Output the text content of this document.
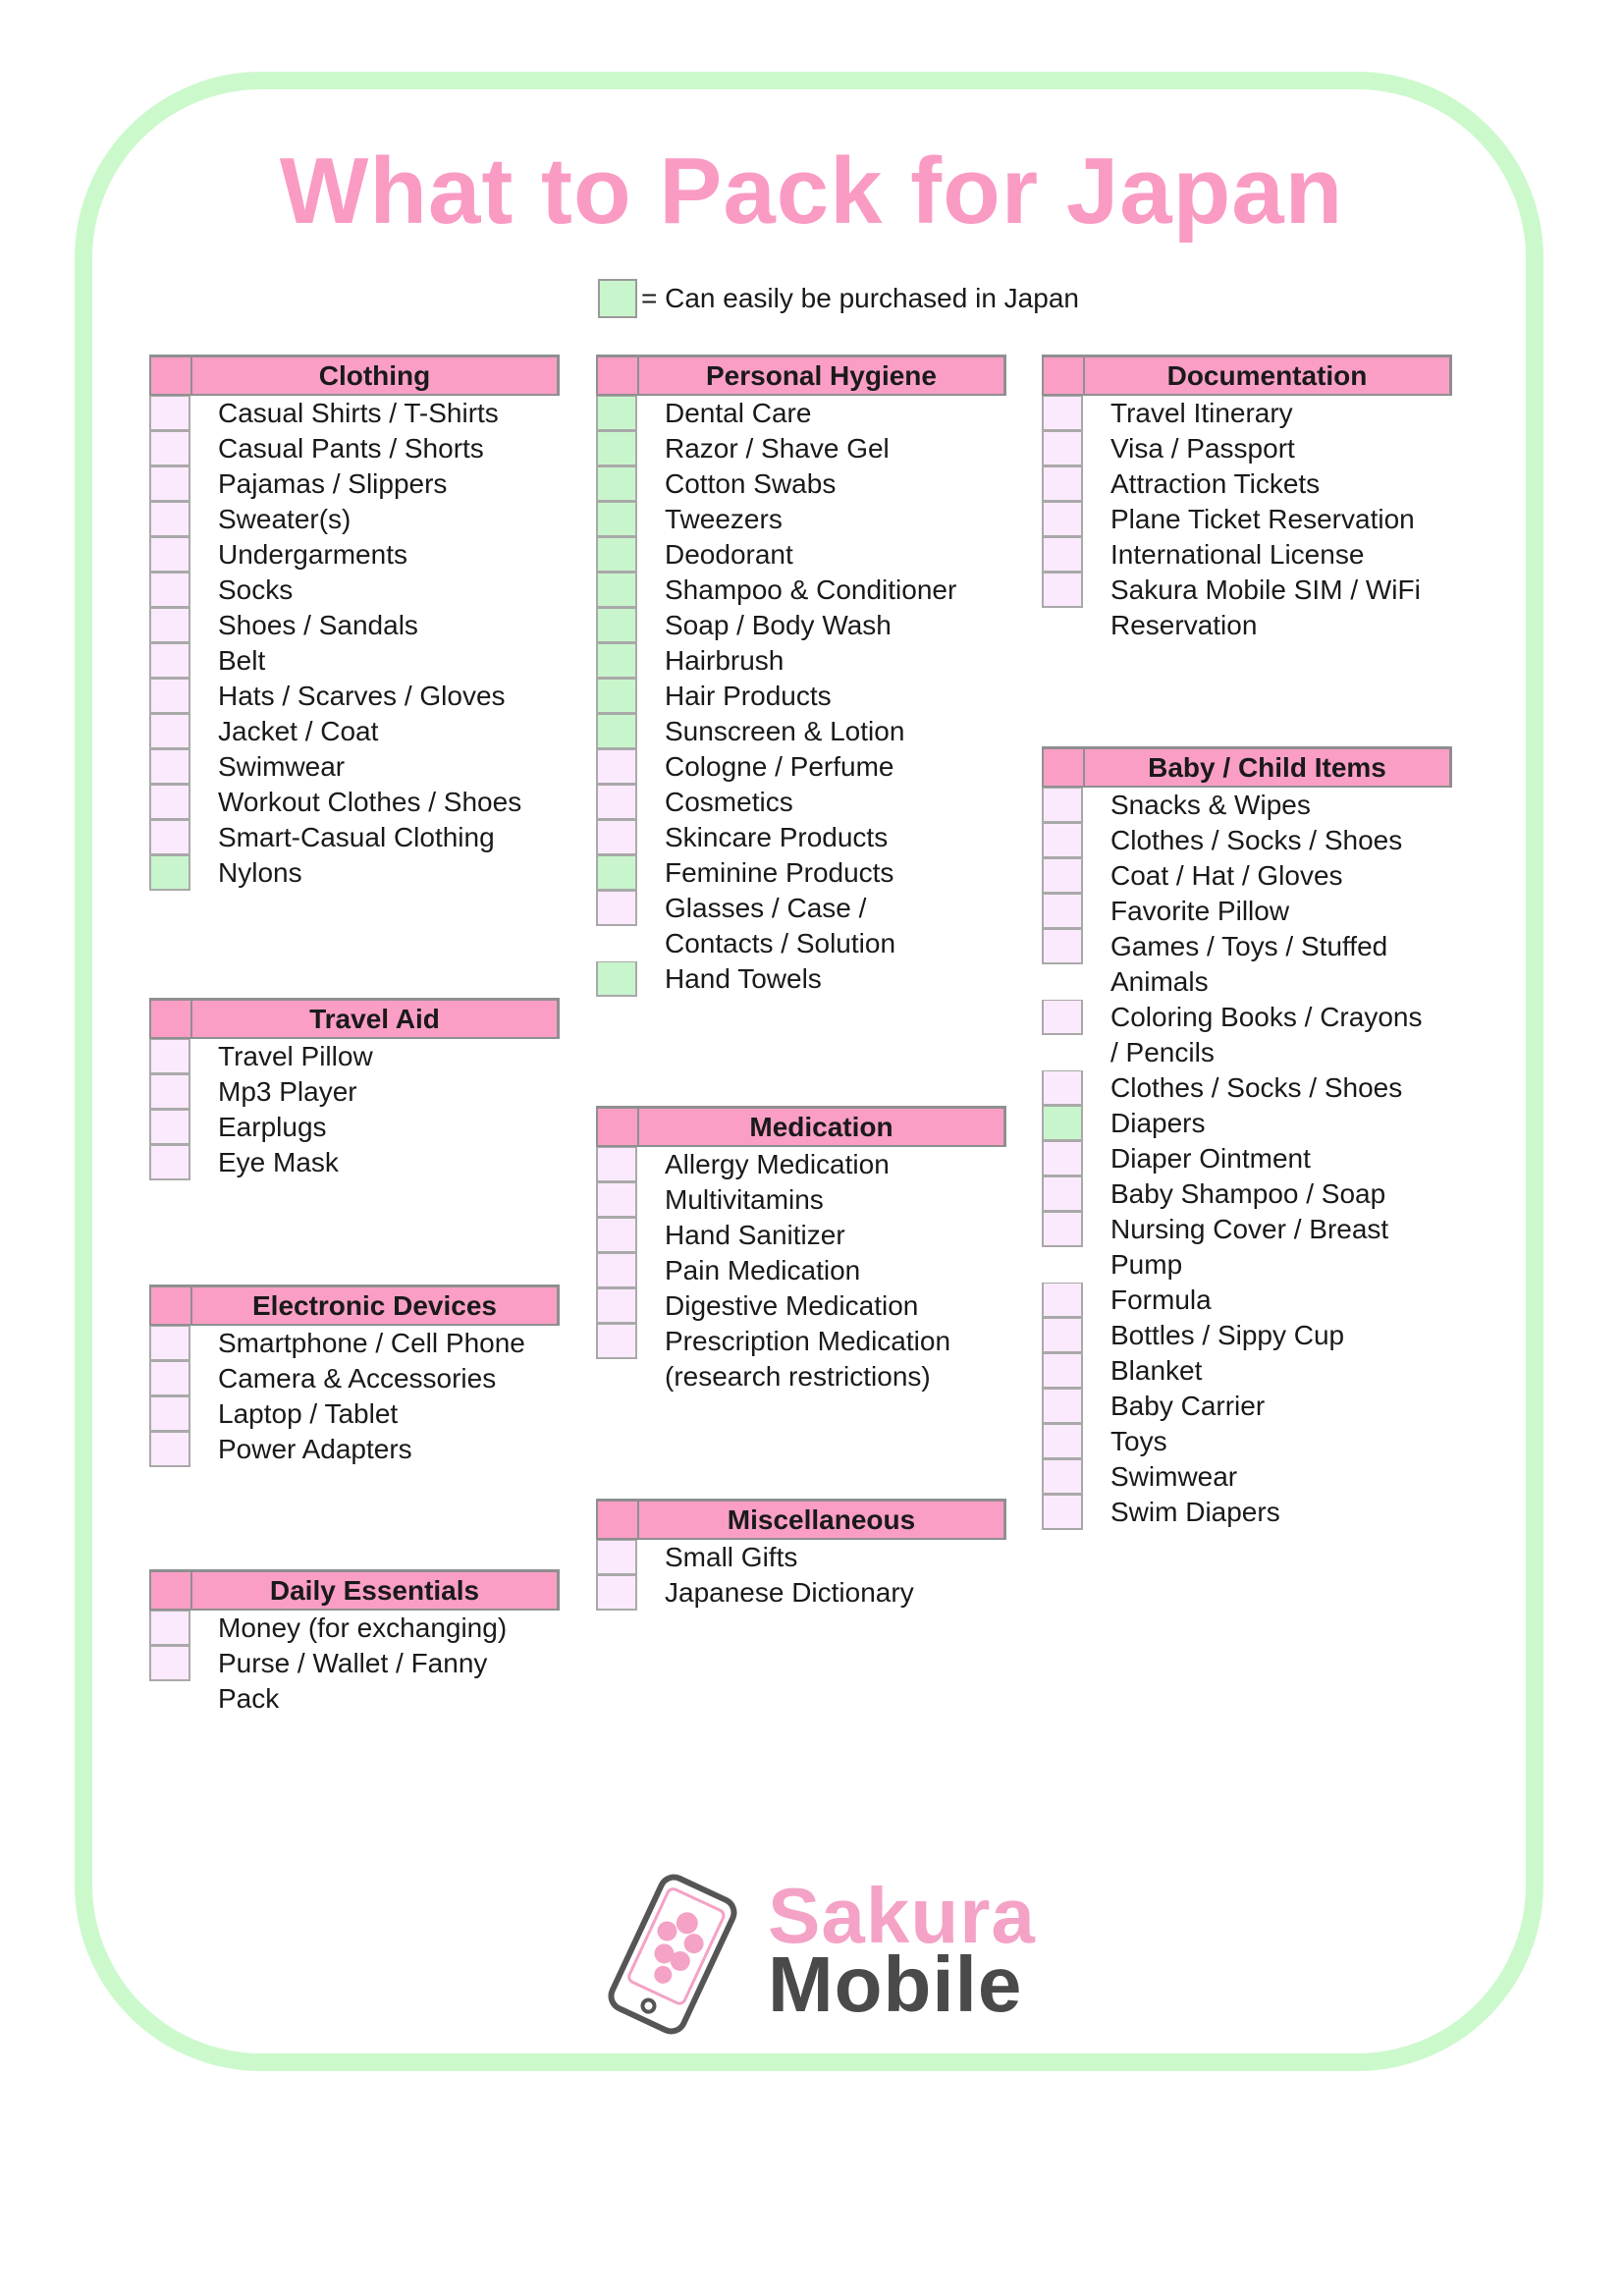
What to Pack for Japan
= Can easily be purchased in Japan
Clothing
Casual Shirts / T-Shirts
Casual Pants / Shorts
Pajamas / Slippers
Sweater(s)
Undergarments
Socks
Shoes / Sandals
Belt
Hats / Scarves / Gloves
Jacket / Coat
Swimwear
Workout Clothes / Shoes
Smart-Casual Clothing
Nylons
Travel Aid
Travel Pillow
Mp3 Player
Earplugs
Eye Mask
Electronic Devices
Smartphone / Cell Phone
Camera & Accessories
Laptop / Tablet
Power Adapters
Daily Essentials
Money (for exchanging)
Purse / Wallet / Fanny
Pack
Personal Hygiene
Dental Care
Razor / Shave Gel
Cotton Swabs
Tweezers
Deodorant
Shampoo & Conditioner
Soap / Body Wash
Hairbrush
Hair Products
Sunscreen & Lotion
Cologne / Perfume
Cosmetics
Skincare Products
Feminine Products
Glasses / Case /
Contacts / Solution
Hand Towels
Medication
Allergy Medication
Multivitamins
Hand Sanitizer
Pain Medication
Digestive Medication
Prescription Medication
(research restrictions)
Miscellaneous
Small Gifts
Japanese Dictionary
Documentation
Travel Itinerary
Visa / Passport
Attraction Tickets
Plane Ticket Reservation
International License
Sakura Mobile SIM / WiFi
Reservation
Baby / Child Items
Snacks & Wipes
Clothes / Socks / Shoes
Coat / Hat / Gloves
Favorite Pillow
Games / Toys / Stuffed
Animals
Coloring Books / Crayons
/ Pencils
Clothes / Socks / Shoes
Diapers
Diaper Ointment
Baby Shampoo / Soap
Nursing Cover / Breast
Pump
Formula
Bottles / Sippy Cup
Blanket
Baby Carrier
Toys
Swimwear
Swim Diapers
Sakura
Mobile
